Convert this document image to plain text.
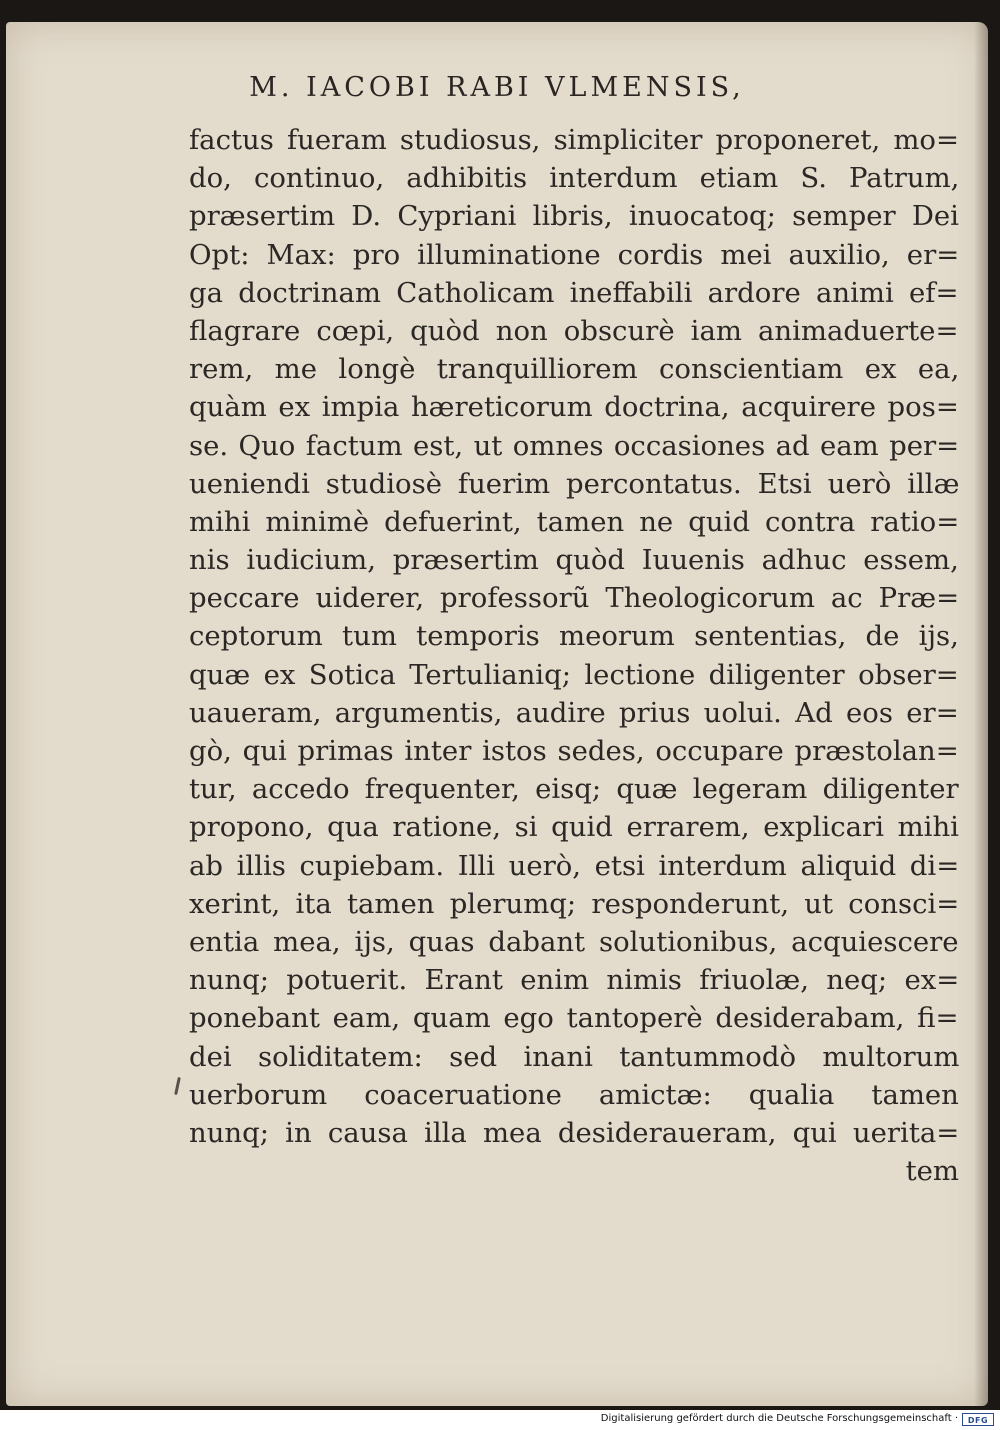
M. IACOBI RABI VLMENSIS,
factus fueram studiosus, simpliciter proponeret, mo=
do, continuo, adhibitis interdum etiam S. Patrum,
præsertim D. Cypriani libris, inuocatoq; semper Dei
Opt: Max: pro illuminatione cordis mei auxilio, er=
ga doctrinam Catholicam ineffabili ardore animi ef=
flagrare cœpi, quòd non obscurè iam animaduerte=
rem, me longè tranquilliorem conscientiam ex ea,
quàm ex impia hæreticorum doctrina, acquirere pos=
se. Quo factum est, ut omnes occasiones ad eam per=
ueniendi studiosè fuerim percontatus. Etsi uerò illæ
mihi minimè defuerint, tamen ne quid contra ratio=
nis iudicium, præsertim quòd Iuuenis adhuc essem,
peccare uiderer, professorũ Theologicorum ac Præ=
ceptorum tum temporis meorum sententias, de ijs,
quæ ex Sotica Tertulianiq; lectione diligenter obser=
uaueram, argumentis, audire prius uolui. Ad eos er=
gò, qui primas inter istos sedes, occupare præstolan=
tur, accedo frequenter, eisq; quæ legeram diligenter
propono, qua ratione, si quid errarem, explicari mihi
ab illis cupiebam. Illi uerò, etsi interdum aliquid di=
xerint, ita tamen plerumq; responderunt, ut consci=
entia mea, ijs, quas dabant solutionibus, acquiescere
nunq; potuerit. Erant enim nimis friuolæ, neq; ex=
ponebant eam, quam ego tantoperè desiderabam, fi=
dei soliditatem: sed inani tantummodò multorum
uerborum coaceruatione amictæ: qualia tamen
nunq; in causa illa mea desideraueram, qui uerita=
tem
Digitalisierung gefördert durch die Deutsche Forschungsgemeinschaft ·	DFG
